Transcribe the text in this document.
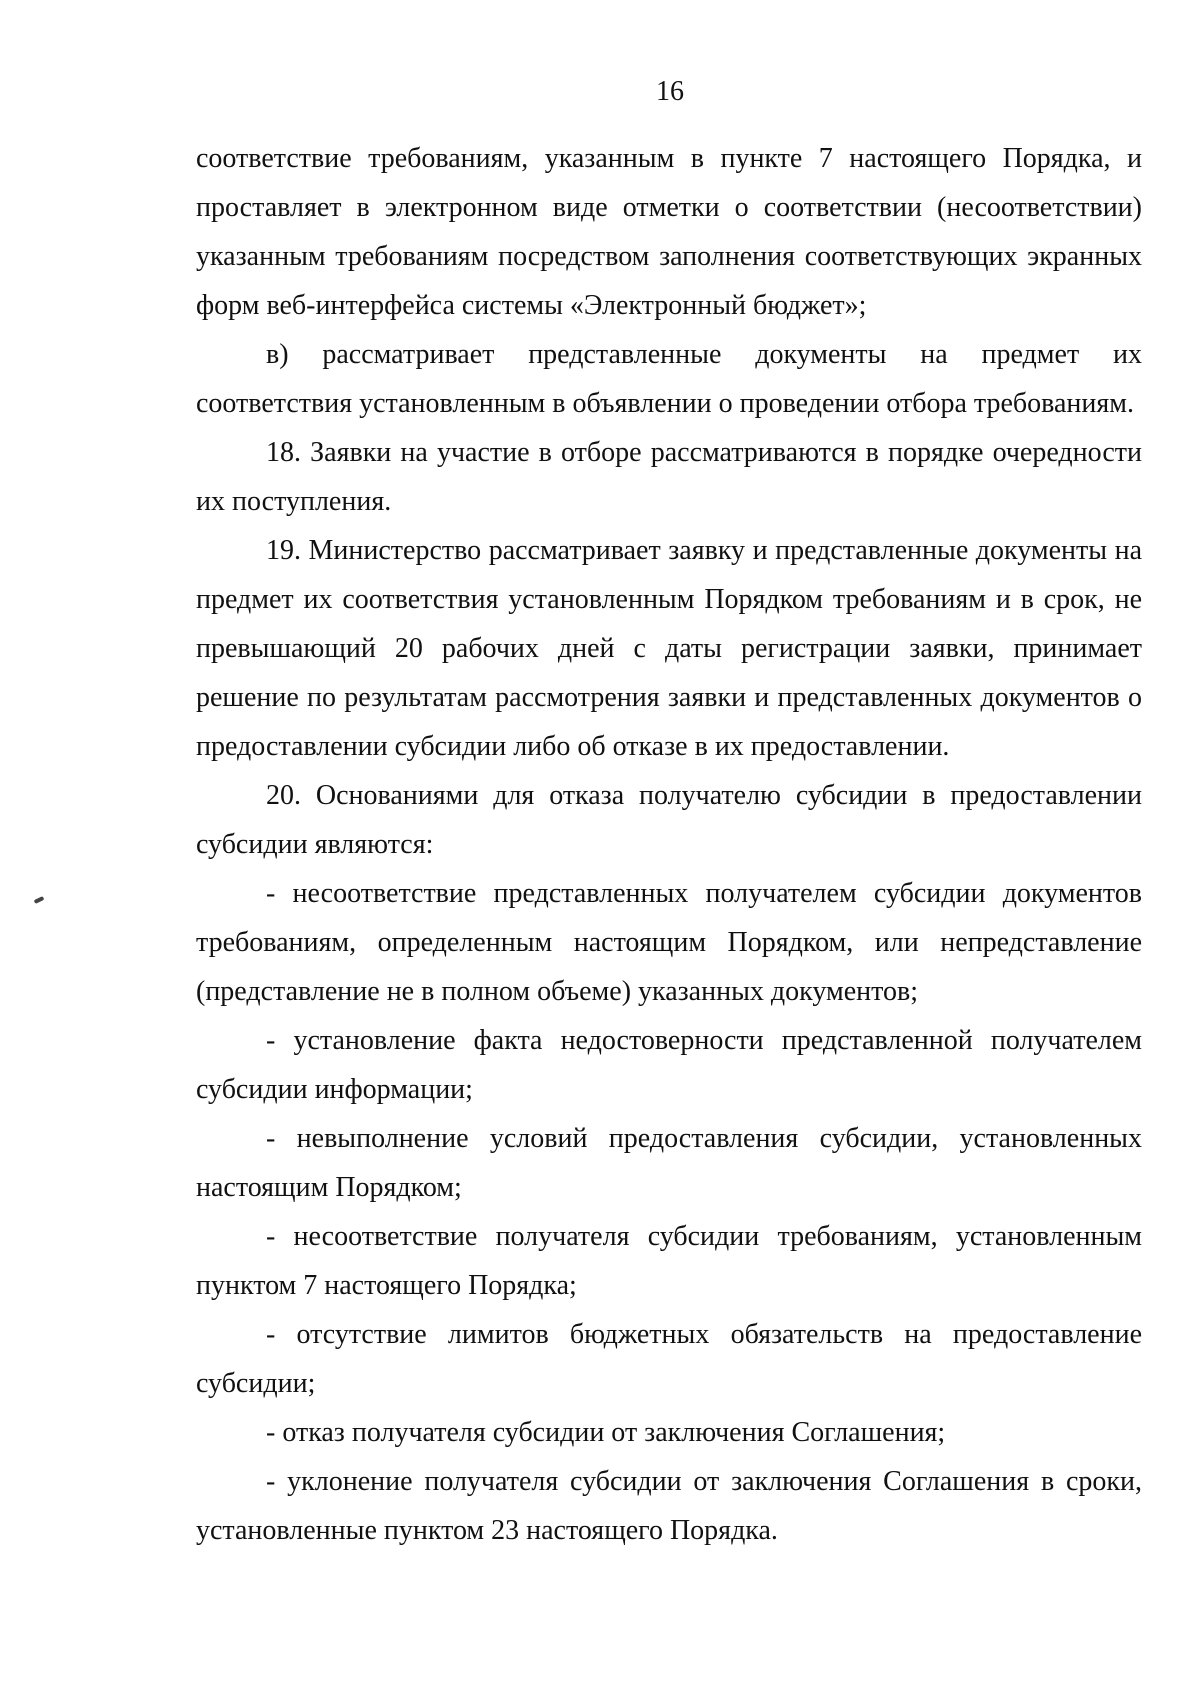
16

соответствие требованиям, указанным в пункте 7 настоящего Порядка, и проставляет в электронном виде отметки о соответствии (несоответствии) указанным требованиям посредством заполнения соответствующих экранных форм веб-интерфейса системы «Электронный бюджет»;

в) рассматривает представленные документы на предмет их соответствия установленным в объявлении о проведении отбора требованиям.

18. Заявки на участие в отборе рассматриваются в порядке очередности их поступления.

19. Министерство рассматривает заявку и представленные документы на предмет их соответствия установленным Порядком требованиям и в срок, не превышающий 20 рабочих дней с даты регистрации заявки, принимает решение по результатам рассмотрения заявки и представленных документов о предоставлении субсидии либо об отказе в их предоставлении.

20. Основаниями для отказа получателю субсидии в предоставлении субсидии являются:

- несоответствие представленных получателем субсидии документов требованиям, определенным настоящим Порядком, или непредставление (представление не в полном объеме) указанных документов;

- установление факта недостоверности представленной получателем субсидии информации;

- невыполнение условий предоставления субсидии, установленных настоящим Порядком;

- несоответствие получателя субсидии требованиям, установленным пунктом 7 настоящего Порядка;

- отсутствие лимитов бюджетных обязательств на предоставление субсидии;

- отказ получателя субсидии от заключения Соглашения;

- уклонение получателя субсидии от заключения Соглашения в сроки, установленные пунктом 23 настоящего Порядка.
